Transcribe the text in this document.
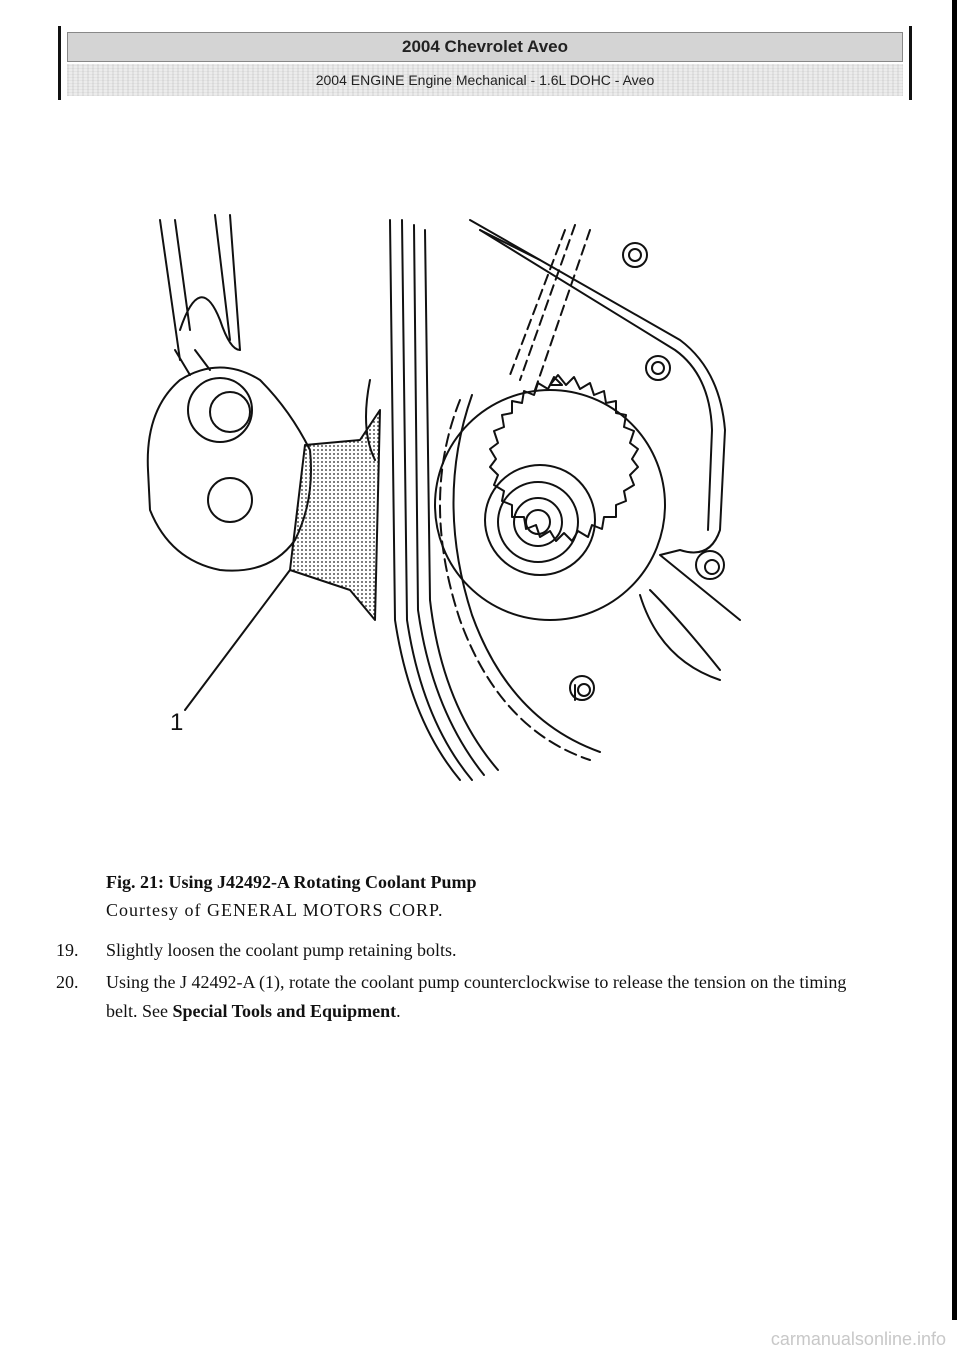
2004 Chevrolet Aveo
2004 ENGINE Engine Mechanical - 1.6L DOHC - Aveo
1
Fig. 21: Using J42492-A Rotating Coolant Pump
Courtesy of GENERAL MOTORS CORP.
19.	Slightly loosen the coolant pump retaining bolts.
20.	Using the J 42492-A (1), rotate the coolant pump counterclockwise to release the tension on the timing belt. See Special Tools and Equipment.
carmanualsonline.info
